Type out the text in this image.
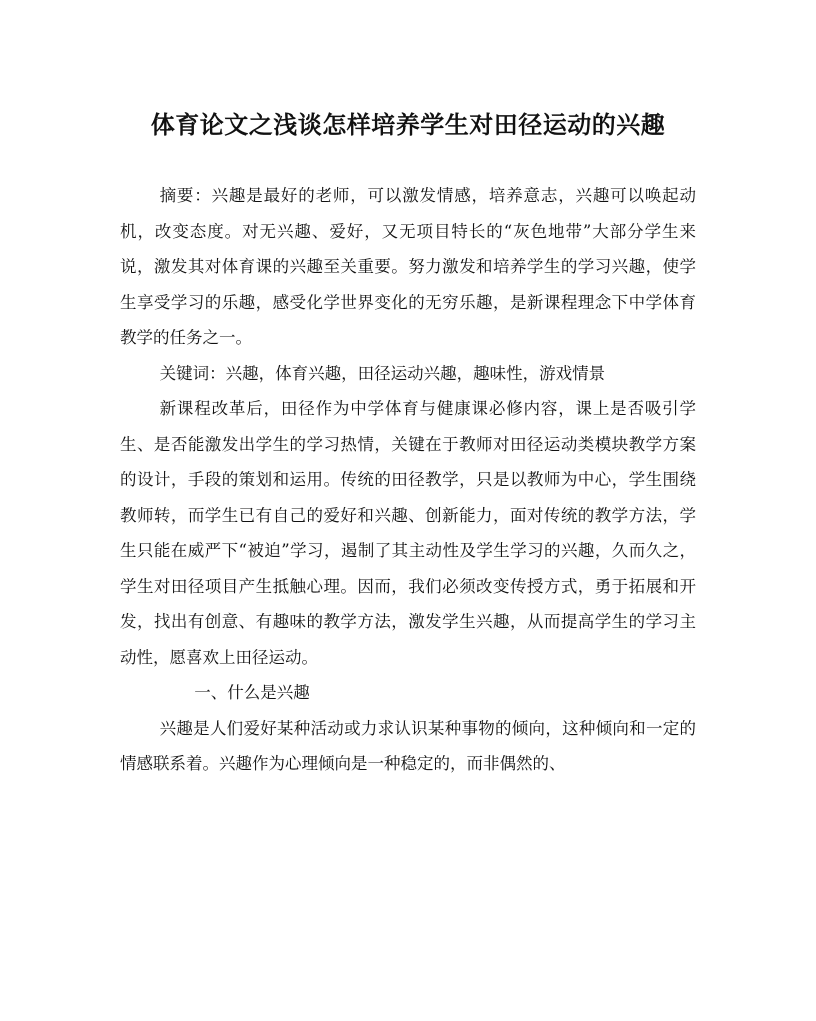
体育论文之浅谈怎样培养学生对田径运动的兴趣

摘要：兴趣是最好的老师，可以激发情感，培养意志，兴趣可以唤起动机，改变态度。对无兴趣、爱好，又无项目特长的“灰色地带”大部分学生来说，激发其对体育课的兴趣至关重要。努力激发和培养学生的学习兴趣，使学生享受学习的乐趣，感受化学世界变化的无穷乐趣，是新课程理念下中学体育教学的任务之一。

关键词：兴趣，体育兴趣，田径运动兴趣，趣味性，游戏情景

新课程改革后，田径作为中学体育与健康课必修内容，课上是否吸引学生、是否能激发出学生的学习热情，关键在于教师对田径运动类模块教学方案的设计，手段的策划和运用。传统的田径教学，只是以教师为中心，学生围绕教师转，而学生已有自己的爱好和兴趣、创新能力，面对传统的教学方法，学生只能在威严下“被迫”学习，遏制了其主动性及学生学习的兴趣，久而久之，学生对田径项目产生抵触心理。因而，我们必须改变传授方式，勇于拓展和开发，找出有创意、有趣味的教学方法，激发学生兴趣，从而提高学生的学习主动性，愿喜欢上田径运动。

一、什么是兴趣

兴趣是人们爱好某种活动或力求认识某种事物的倾向，这种倾向和一定的情感联系着。兴趣作为心理倾向是一种稳定的，而非偶然的、
